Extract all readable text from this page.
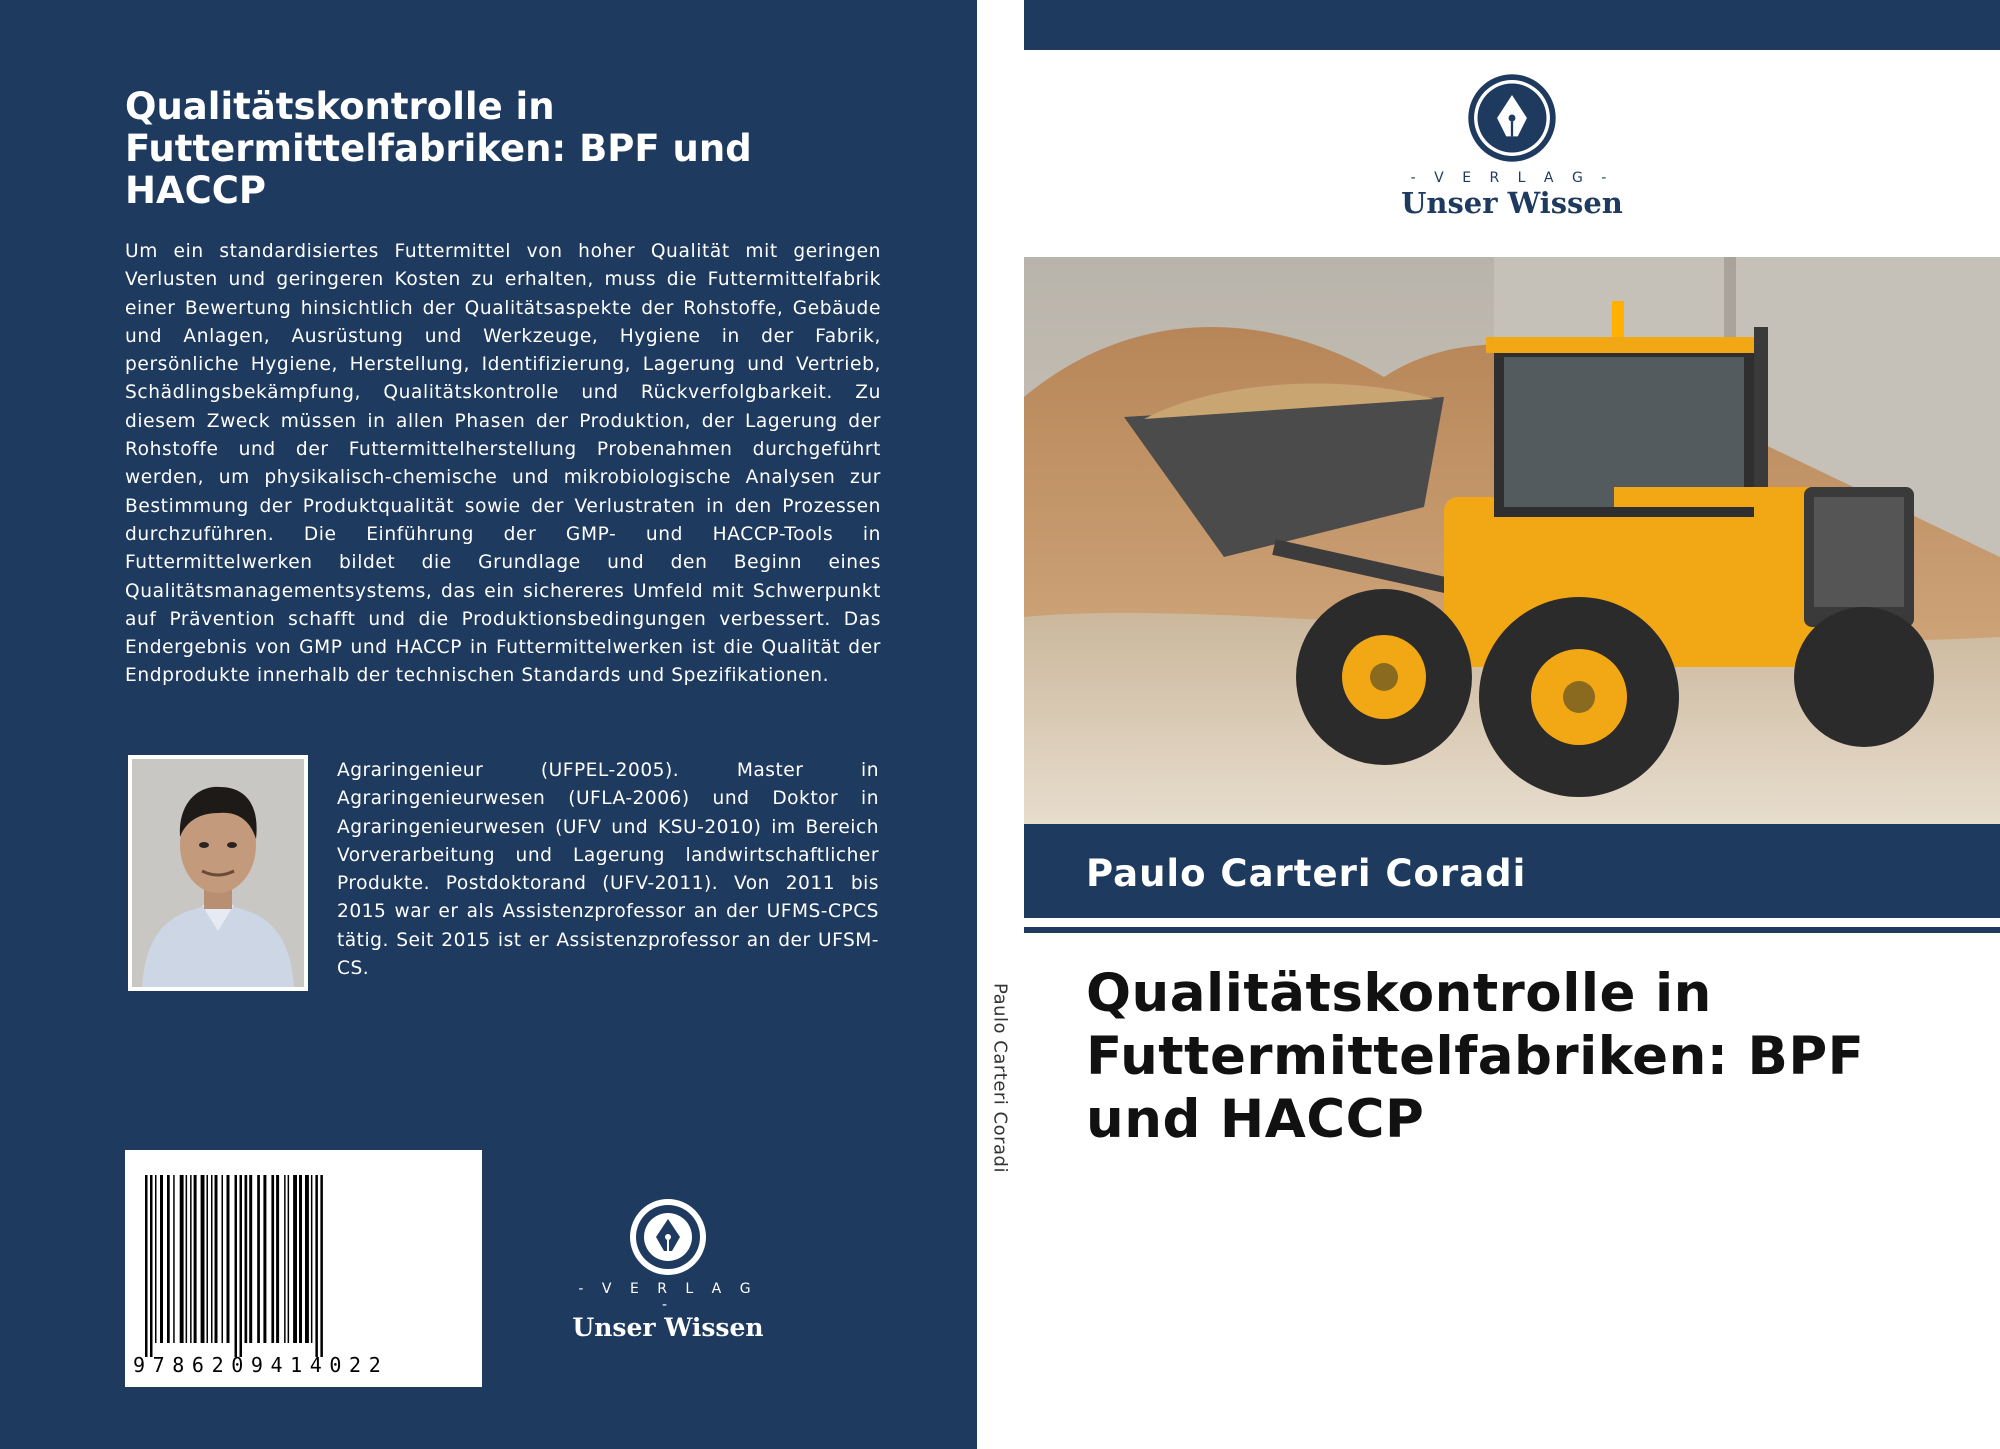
Qualitätskontrolle in Futtermittelfabriken: BPF und HACCP

Um ein standardisiertes Futtermittel von hoher Qualität mit geringen Verlusten und geringeren Kosten zu erhalten, muss die Futtermittelfabrik einer Bewertung hinsichtlich der Qualitätsaspekte der Rohstoffe, Gebäude und Anlagen, Ausrüstung und Werkzeuge, Hygiene in der Fabrik, persönliche Hygiene, Herstellung, Identifizierung, Lagerung und Vertrieb, Schädlingsbekämpfung, Qualitätskontrolle und Rückverfolgbarkeit. Zu diesem Zweck müssen in allen Phasen der Produktion, der Lagerung der Rohstoffe und der Futtermittelherstellung Probenahmen durchgeführt werden, um physikalisch-chemische und mikrobiologische Analysen zur Bestimmung der Produktqualität sowie der Verlustraten in den Prozessen durchzuführen. Die Einführung der GMP- und HACCP-Tools in Futtermittelwerken bildet die Grundlage und den Beginn eines Qualitätsmanagementsystems, das ein sichereres Umfeld mit Schwerpunkt auf Prävention schafft und die Produktionsbedingungen verbessert. Das Endergebnis von GMP und HACCP in Futtermittelwerken ist die Qualität der Endprodukte innerhalb der technischen Standards und Spezifikationen.

Agraringenieur (UFPEL-2005). Master in Agraringenieurwesen (UFLA-2006) und Doktor in Agraringenieurwesen (UFV und KSU-2010) im Bereich Vorverarbeitung und Lagerung landwirtschaftlicher Produkte. Postdoktorand (UFV-2011). Von 2011 bis 2015 war er als Assistenzprofessor an der UFMS-CPCS tätig. Seit 2015 ist er Assistenzprofessor an der UFSM-CS.

9786209414022
- V E R L A G -
Unser Wissen
Paulo Carteri Coradi
- V E R L A G -
Unser Wissen
Paulo Carteri Coradi
Qualitätskontrolle in Futtermittelfabriken: BPF und HACCP
